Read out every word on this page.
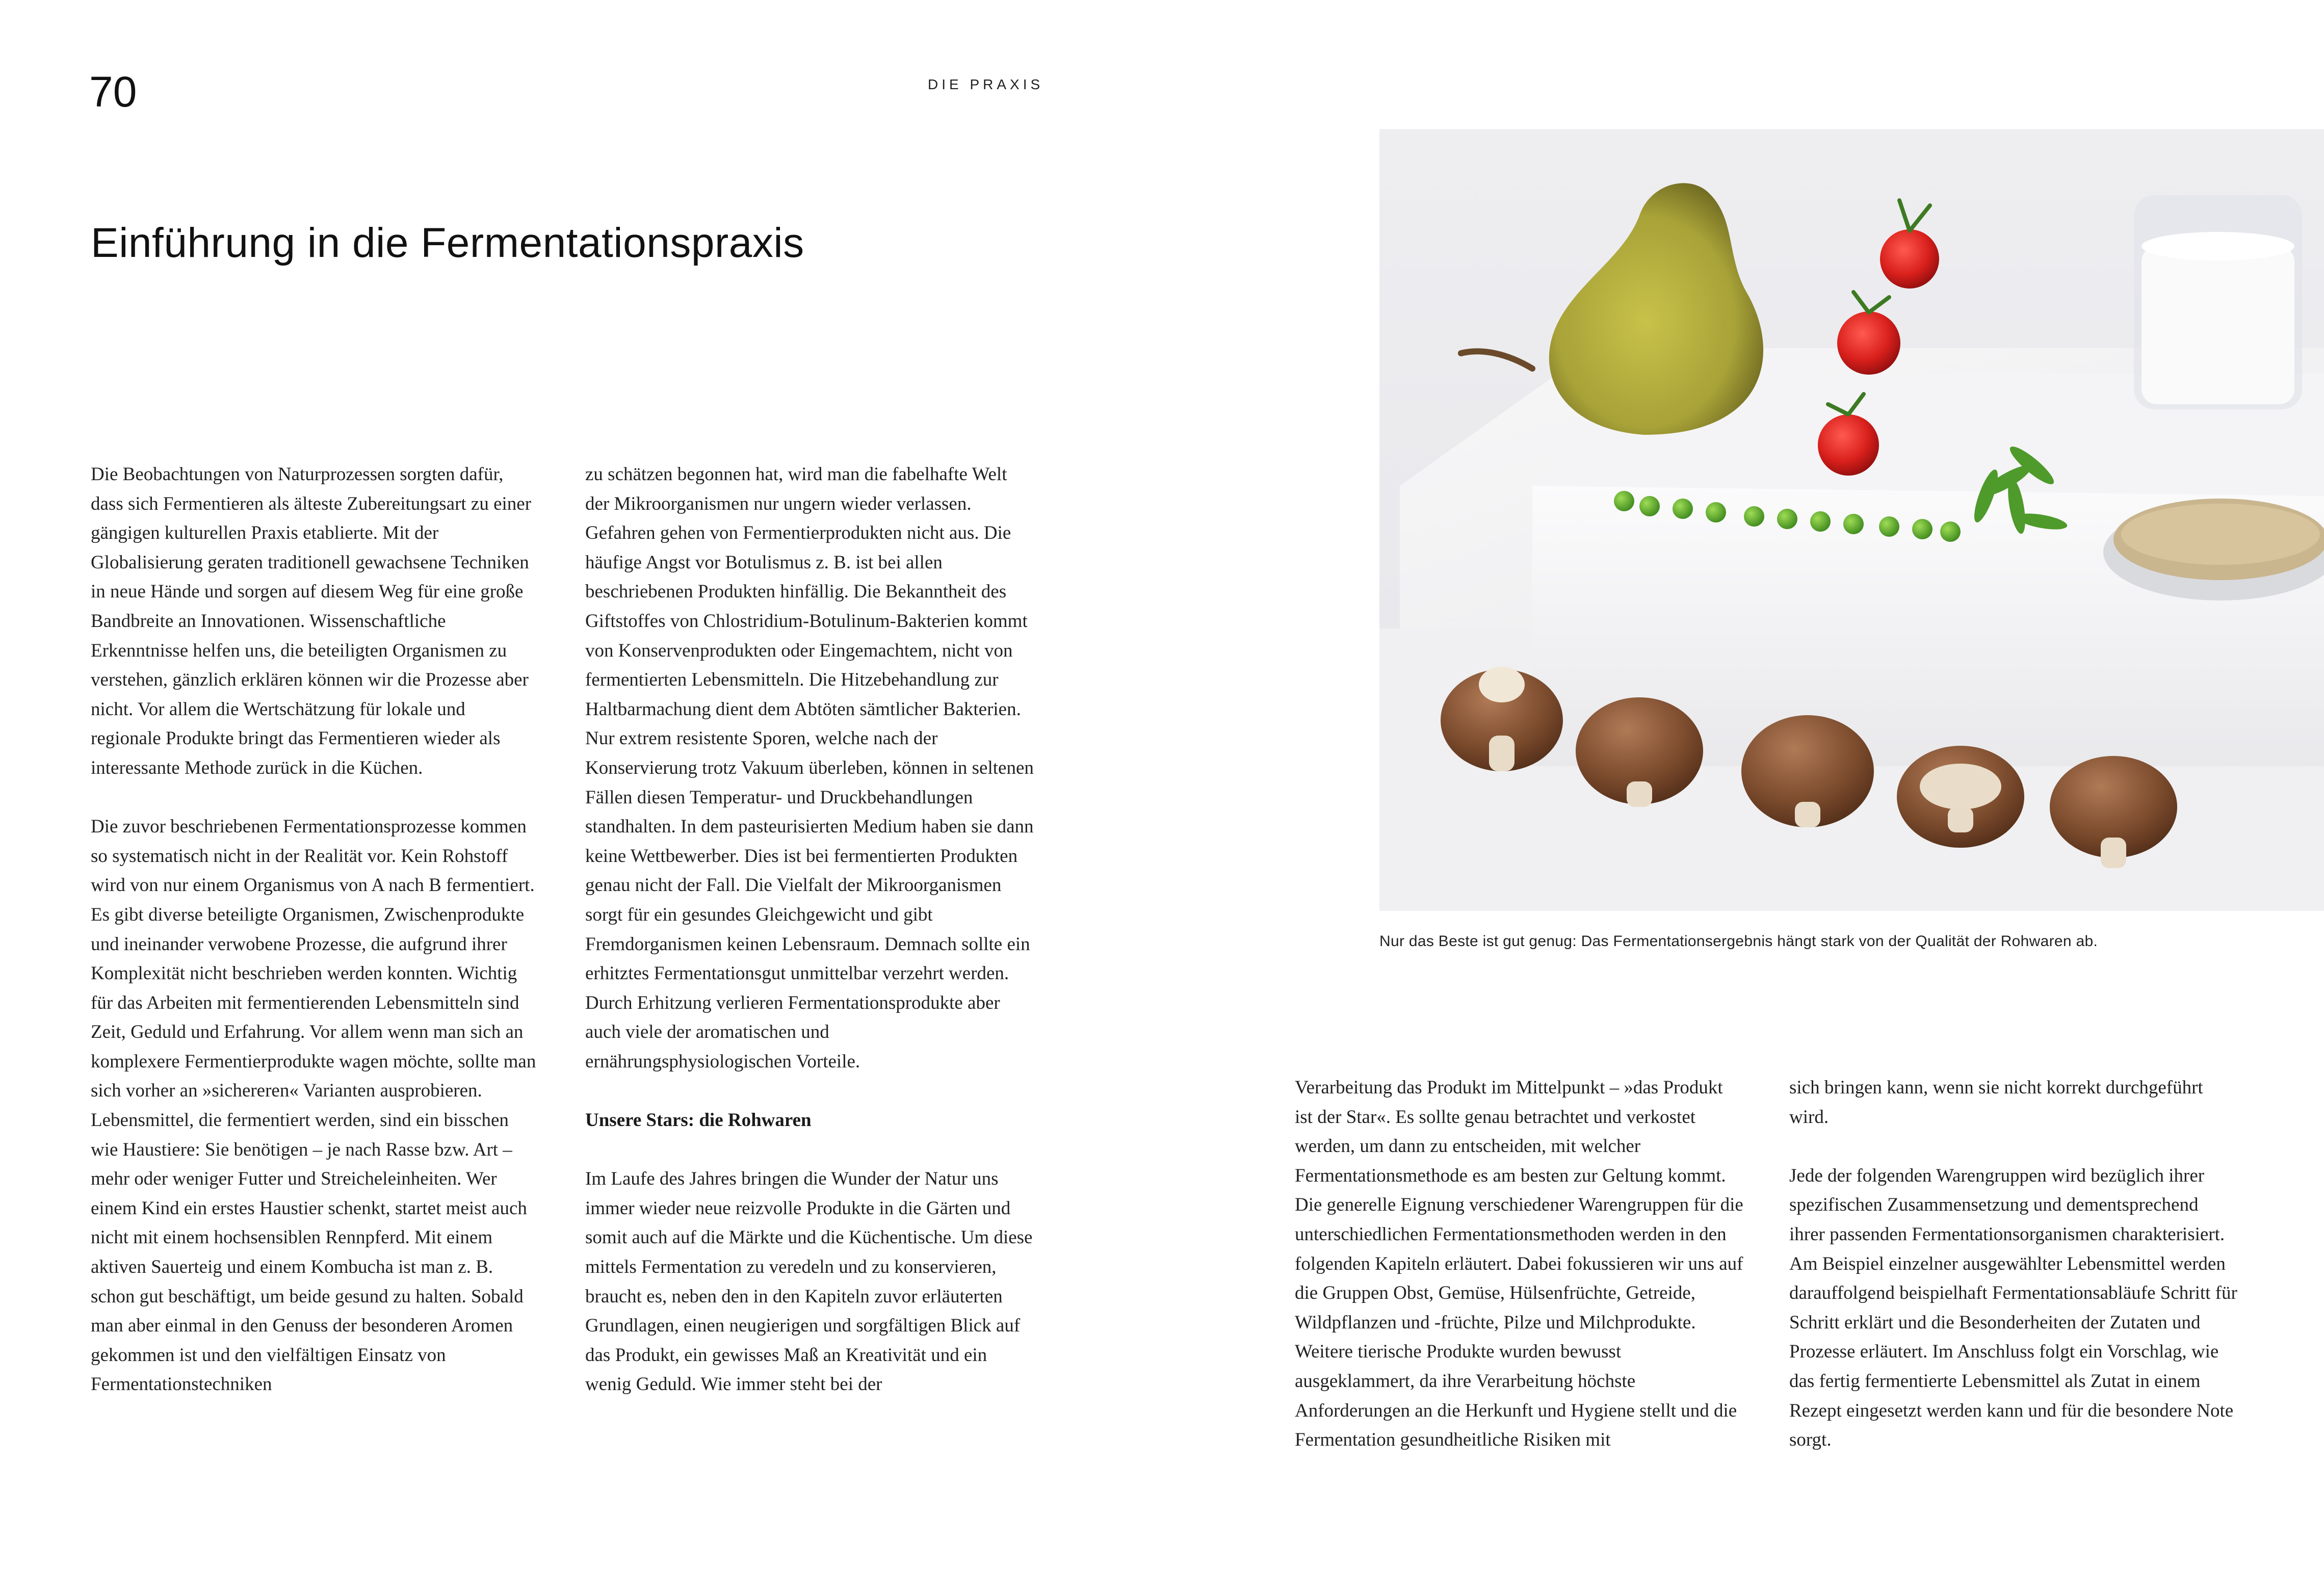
70	DIE PRAXIS
Einführung in die Fermentationspraxis

Die Beobachtungen von Naturprozessen sorgten dafür, dass sich Fermentieren als älteste Zubereitungsart zu einer gängigen kulturellen Praxis etablierte. Mit der Globalisierung geraten traditionell gewachsene Techniken in neue Hände und sorgen auf diesem Weg für eine große Bandbreite an Innovationen. Wissenschaftliche Erkenntnisse helfen uns, die beteiligten Organismen zu verstehen, gänzlich erklären können wir die Prozesse aber nicht. Vor allem die Wertschätzung für lokale und regionale Produkte bringt das Fermentieren wieder als interessante Methode zurück in die Küchen.

Die zuvor beschriebenen Fermentationsprozesse kommen so systematisch nicht in der Realität vor. Kein Rohstoff wird von nur einem Organismus von A nach B fermentiert. Es gibt diverse beteiligte Organismen, Zwischenprodukte und ineinander verwobene Prozesse, die aufgrund ihrer Komplexität nicht beschrieben werden konnten. Wichtig für das Arbeiten mit fermentierenden Lebensmitteln sind Zeit, Geduld und Erfahrung. Vor allem wenn man sich an komplexere Fermentierprodukte wagen möchte, sollte man sich vorher an »sichereren« Varianten ausprobieren. Lebensmittel, die fermentiert werden, sind ein bisschen wie Haustiere: Sie benötigen – je nach Rasse bzw. Art – mehr oder weniger Futter und Streicheleinheiten. Wer einem Kind ein erstes Haustier schenkt, startet meist auch nicht mit einem hochsensiblen Rennpferd. Mit einem aktiven Sauerteig und einem Kombucha ist man z. B. schon gut beschäftigt, um beide gesund zu halten. Sobald man aber einmal in den Genuss der besonderen Aromen gekommen ist und den vielfältigen Einsatz von Fermentationstechniken

zu schätzen begonnen hat, wird man die fabelhafte Welt der Mikroorganismen nur ungern wieder verlassen. Gefahren gehen von Fermentierprodukten nicht aus. Die häufige Angst vor Botulismus z. B. ist bei allen beschriebenen Produkten hinfällig. Die Bekanntheit des Giftstoffes von Chlostridium-Botulinum-Bakterien kommt von Konservenprodukten oder Eingemachtem, nicht von fermentierten Lebensmitteln. Die Hitzebehandlung zur Haltbarmachung dient dem Abtöten sämtlicher Bakterien. Nur extrem resistente Sporen, welche nach der Konservierung trotz Vakuum überleben, können in seltenen Fällen diesen Temperatur- und Druckbehandlungen standhalten. In dem pasteurisierten Medium haben sie dann keine Wettbewerber. Dies ist bei fermentierten Produkten genau nicht der Fall. Die Vielfalt der Mikroorganismen sorgt für ein gesundes Gleichgewicht und gibt Fremdorganismen keinen Lebensraum. Demnach sollte ein erhitztes Fermentationsgut unmittelbar verzehrt werden. Durch Erhitzung verlieren Fermentationsprodukte aber auch viele der aromatischen und ernährungsphysiologischen Vorteile.

Unsere Stars: die Rohwaren

Im Laufe des Jahres bringen die Wunder der Natur uns immer wieder neue reizvolle Produkte in die Gärten und somit auch auf die Märkte und die Küchentische. Um diese mittels Fermentation zu veredeln und zu konservieren, braucht es, neben den in den Kapiteln zuvor erläuterten Grundlagen, einen neugierigen und sorgfältigen Blick auf das Produkt, ein gewisses Maß an Kreativität und ein wenig Geduld. Wie immer steht bei der

Nur das Beste ist gut genug: Das Fermentationsergebnis hängt stark von der Qualität der Rohwaren ab.

Verarbeitung das Produkt im Mittelpunkt – »das Produkt ist der Star«. Es sollte genau betrachtet und verkostet werden, um dann zu entscheiden, mit welcher Fermentationsmethode es am besten zur Geltung kommt. Die generelle Eignung verschiedener Warengruppen für die unterschiedlichen Fermentationsmethoden werden in den folgenden Kapiteln erläutert. Dabei fokussieren wir uns auf die Gruppen Obst, Gemüse, Hülsenfrüchte, Getreide, Wildpflanzen und -früchte, Pilze und Milchprodukte. Weitere tierische Produkte wurden bewusst ausgeklammert, da ihre Verarbeitung höchste Anforderungen an die Herkunft und Hygiene stellt und die Fermentation gesundheitliche Risiken mit

sich bringen kann, wenn sie nicht korrekt durchgeführt wird.

Jede der folgenden Warengruppen wird bezüglich ihrer spezifischen Zusammensetzung und dementsprechend ihrer passenden Fermentationsorganismen charakterisiert. Am Beispiel einzelner ausgewählter Lebensmittel werden darauffolgend beispielhaft Fermentationsabläufe Schritt für Schritt erklärt und die Besonderheiten der Zutaten und Prozesse erläutert. Im Anschluss folgt ein Vorschlag, wie das fertig fermentierte Lebensmittel als Zutat in einem Rezept eingesetzt werden kann und für die besondere Note sorgt.
